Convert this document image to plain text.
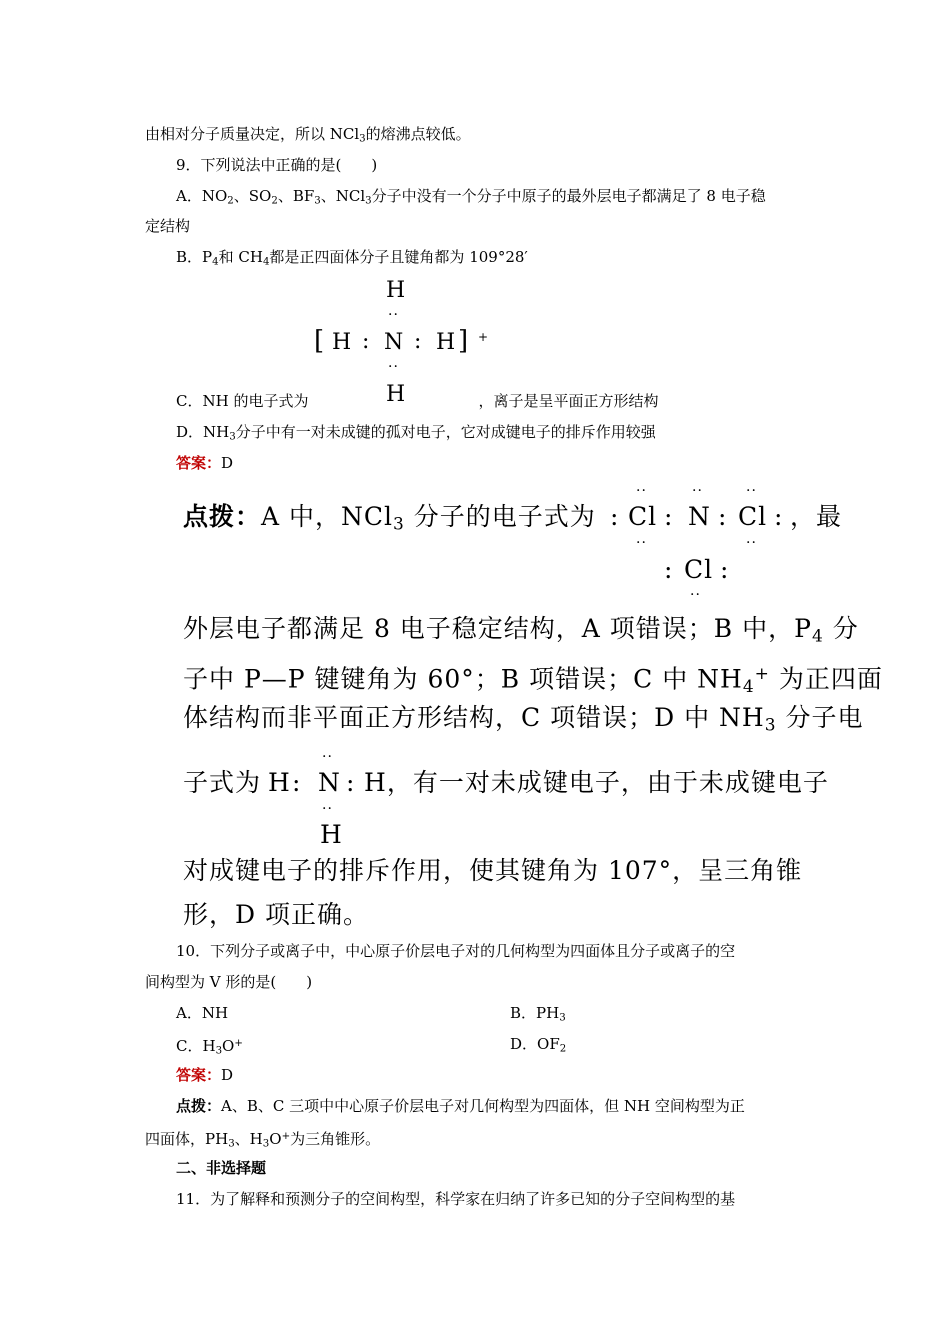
由相对分子质量决定，所以 NCl$_3$的熔沸点较低。
9．下列说法中正确的是(　　)
A．$NO_2$、$SO_2$、$BF_3$、NCl$_3$分子中没有一个分子中原子的最外层电子都满足了 8 电子稳
定结构
B．$P_4$和 $CH_4$都是正四面体分子且键角都为 109°28′
H
··
[ H : N : H ] +
··
H
C．NH 的电子式为	，离子是呈平面正方形结构
D．$NH_3$分子中有一对未成键的孤对电子，它对成键电子的排斥作用较强
答案：D
点拨：A 中，NCl$_3$ 分子的电子式为
··	··	··
: Cl : N : Cl : ，最
··	··
: Cl :
··
外层电子都满足 8 电子稳定结构，A 项错误；B 中，$P_4$ 分
子中 P—P 键键角为 60°；B 项错误；C 中 $NH_4^+$ 为正四面
体结构而非平面正方形结构，C 项错误；D 中 $NH_3$ 分子电
··
子式为 H : N : H，有一对未成键电子，由于未成键电子
··
H
对成键电子的排斥作用，使其键角为 107°，呈三角锥
形，D 项正确。
10．下列分子或离子中，中心原子价层电子对的几何构型为四面体且分子或离子的空
间构型为 V 形的是(　　)
A．NH	B．$PH_3$
C．$H_3O^+$	D．$OF_2$
答案：D
点拨：A、B、C 三项中中心原子价层电子对几何构型为四面体，但 NH 空间构型为正
四面体，$PH_3$、$H_3O^+$为三角锥形。
二、非选择题
11．为了解释和预测分子的空间构型，科学家在归纳了许多已知的分子空间构型的基
